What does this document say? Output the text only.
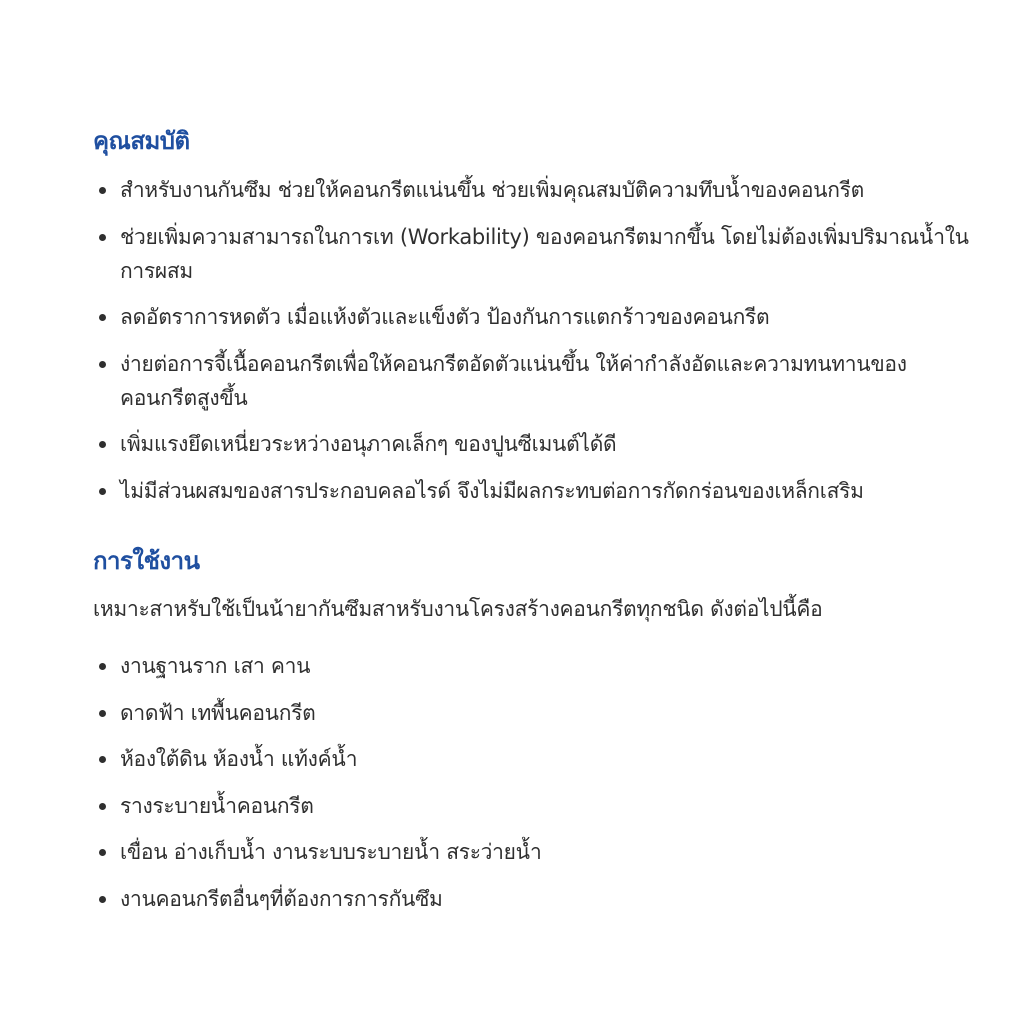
คุณสมบัติ
สำหรับงานกันซึม ช่วยให้คอนกรีตแน่นขึ้น ช่วยเพิ่มคุณสมบัติความทึบน้ำของคอนกรีต
ช่วยเพิ่มความสามารถในการเท (Workability) ของคอนกรีตมากขึ้น โดยไม่ต้องเพิ่มปริมาณน้ำในการผสม
ลดอัตราการหดตัว เมื่อแห้งตัวและแข็งตัว ป้องกันการแตกร้าวของคอนกรีต
ง่ายต่อการจี้เนื้อคอนกรีตเพื่อให้คอนกรีตอัดตัวแน่นขึ้น ให้ค่ากำลังอัดและความทนทานของคอนกรีตสูงขึ้น
เพิ่มแรงยึดเหนี่ยวระหว่างอนุภาคเล็กๆ ของปูนซีเมนต์ได้ดี
ไม่มีส่วนผสมของสารประกอบคลอไรด์ จึงไม่มีผลกระทบต่อการกัดกร่อนของเหล็กเสริม
การใช้งาน

เหมาะสาหรับใช้เป็นน้ายากันซึมสาหรับงานโครงสร้างคอนกรีตทุกชนิด ดังต่อไปนี้คือ

งานฐานราก เสา คาน
ดาดฟ้า เทพื้นคอนกรีต
ห้องใต้ดิน ห้องน้ำ แท้งค์น้ำ
รางระบายน้ำคอนกรีต
เขื่อน อ่างเก็บน้ำ งานระบบระบายน้ำ สระว่ายน้ำ
งานคอนกรีตอื่นๆที่ต้องการการกันซึม
